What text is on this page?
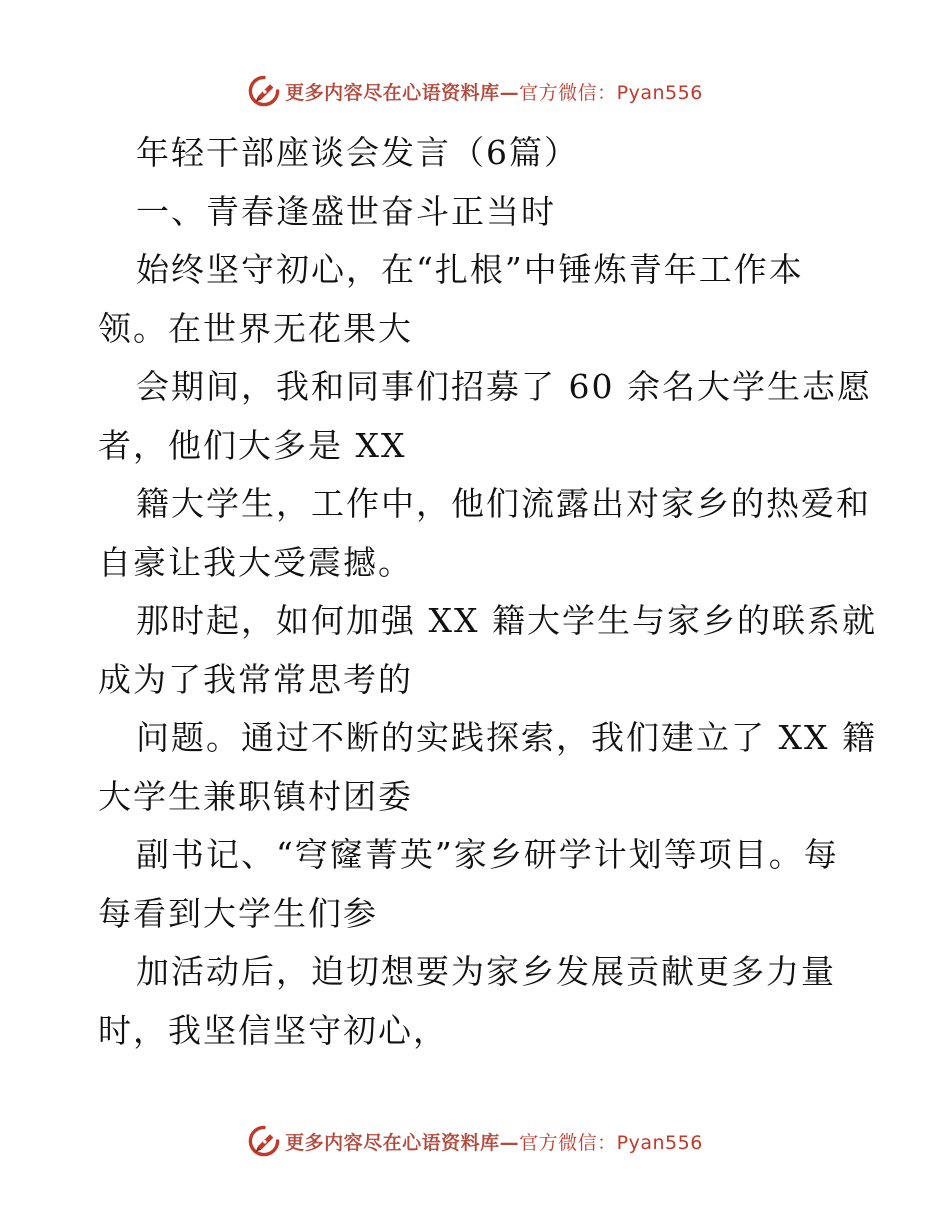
更多内容尽在心语资料库—官方微信：Pyan556
年轻干部座谈会发言（6篇）
一、青春逢盛世奋斗正当时
始终坚守初心，在“扎根”中锤炼青年工作本
领。在世界无花果大
会期间，我和同事们招募了 60 余名大学生志愿
者，他们大多是 XX
籍大学生，工作中，他们流露出对家乡的热爱和
自豪让我大受震撼。
那时起，如何加强 XX 籍大学生与家乡的联系就
成为了我常常思考的
问题。通过不断的实践探索，我们建立了 XX 籍
大学生兼职镇村团委
副书记、“穹窿菁英”家乡研学计划等项目。每
每看到大学生们参
加活动后，迫切想要为家乡发展贡献更多力量
时，我坚信坚守初心，
更多内容尽在心语资料库—官方微信：Pyan556
